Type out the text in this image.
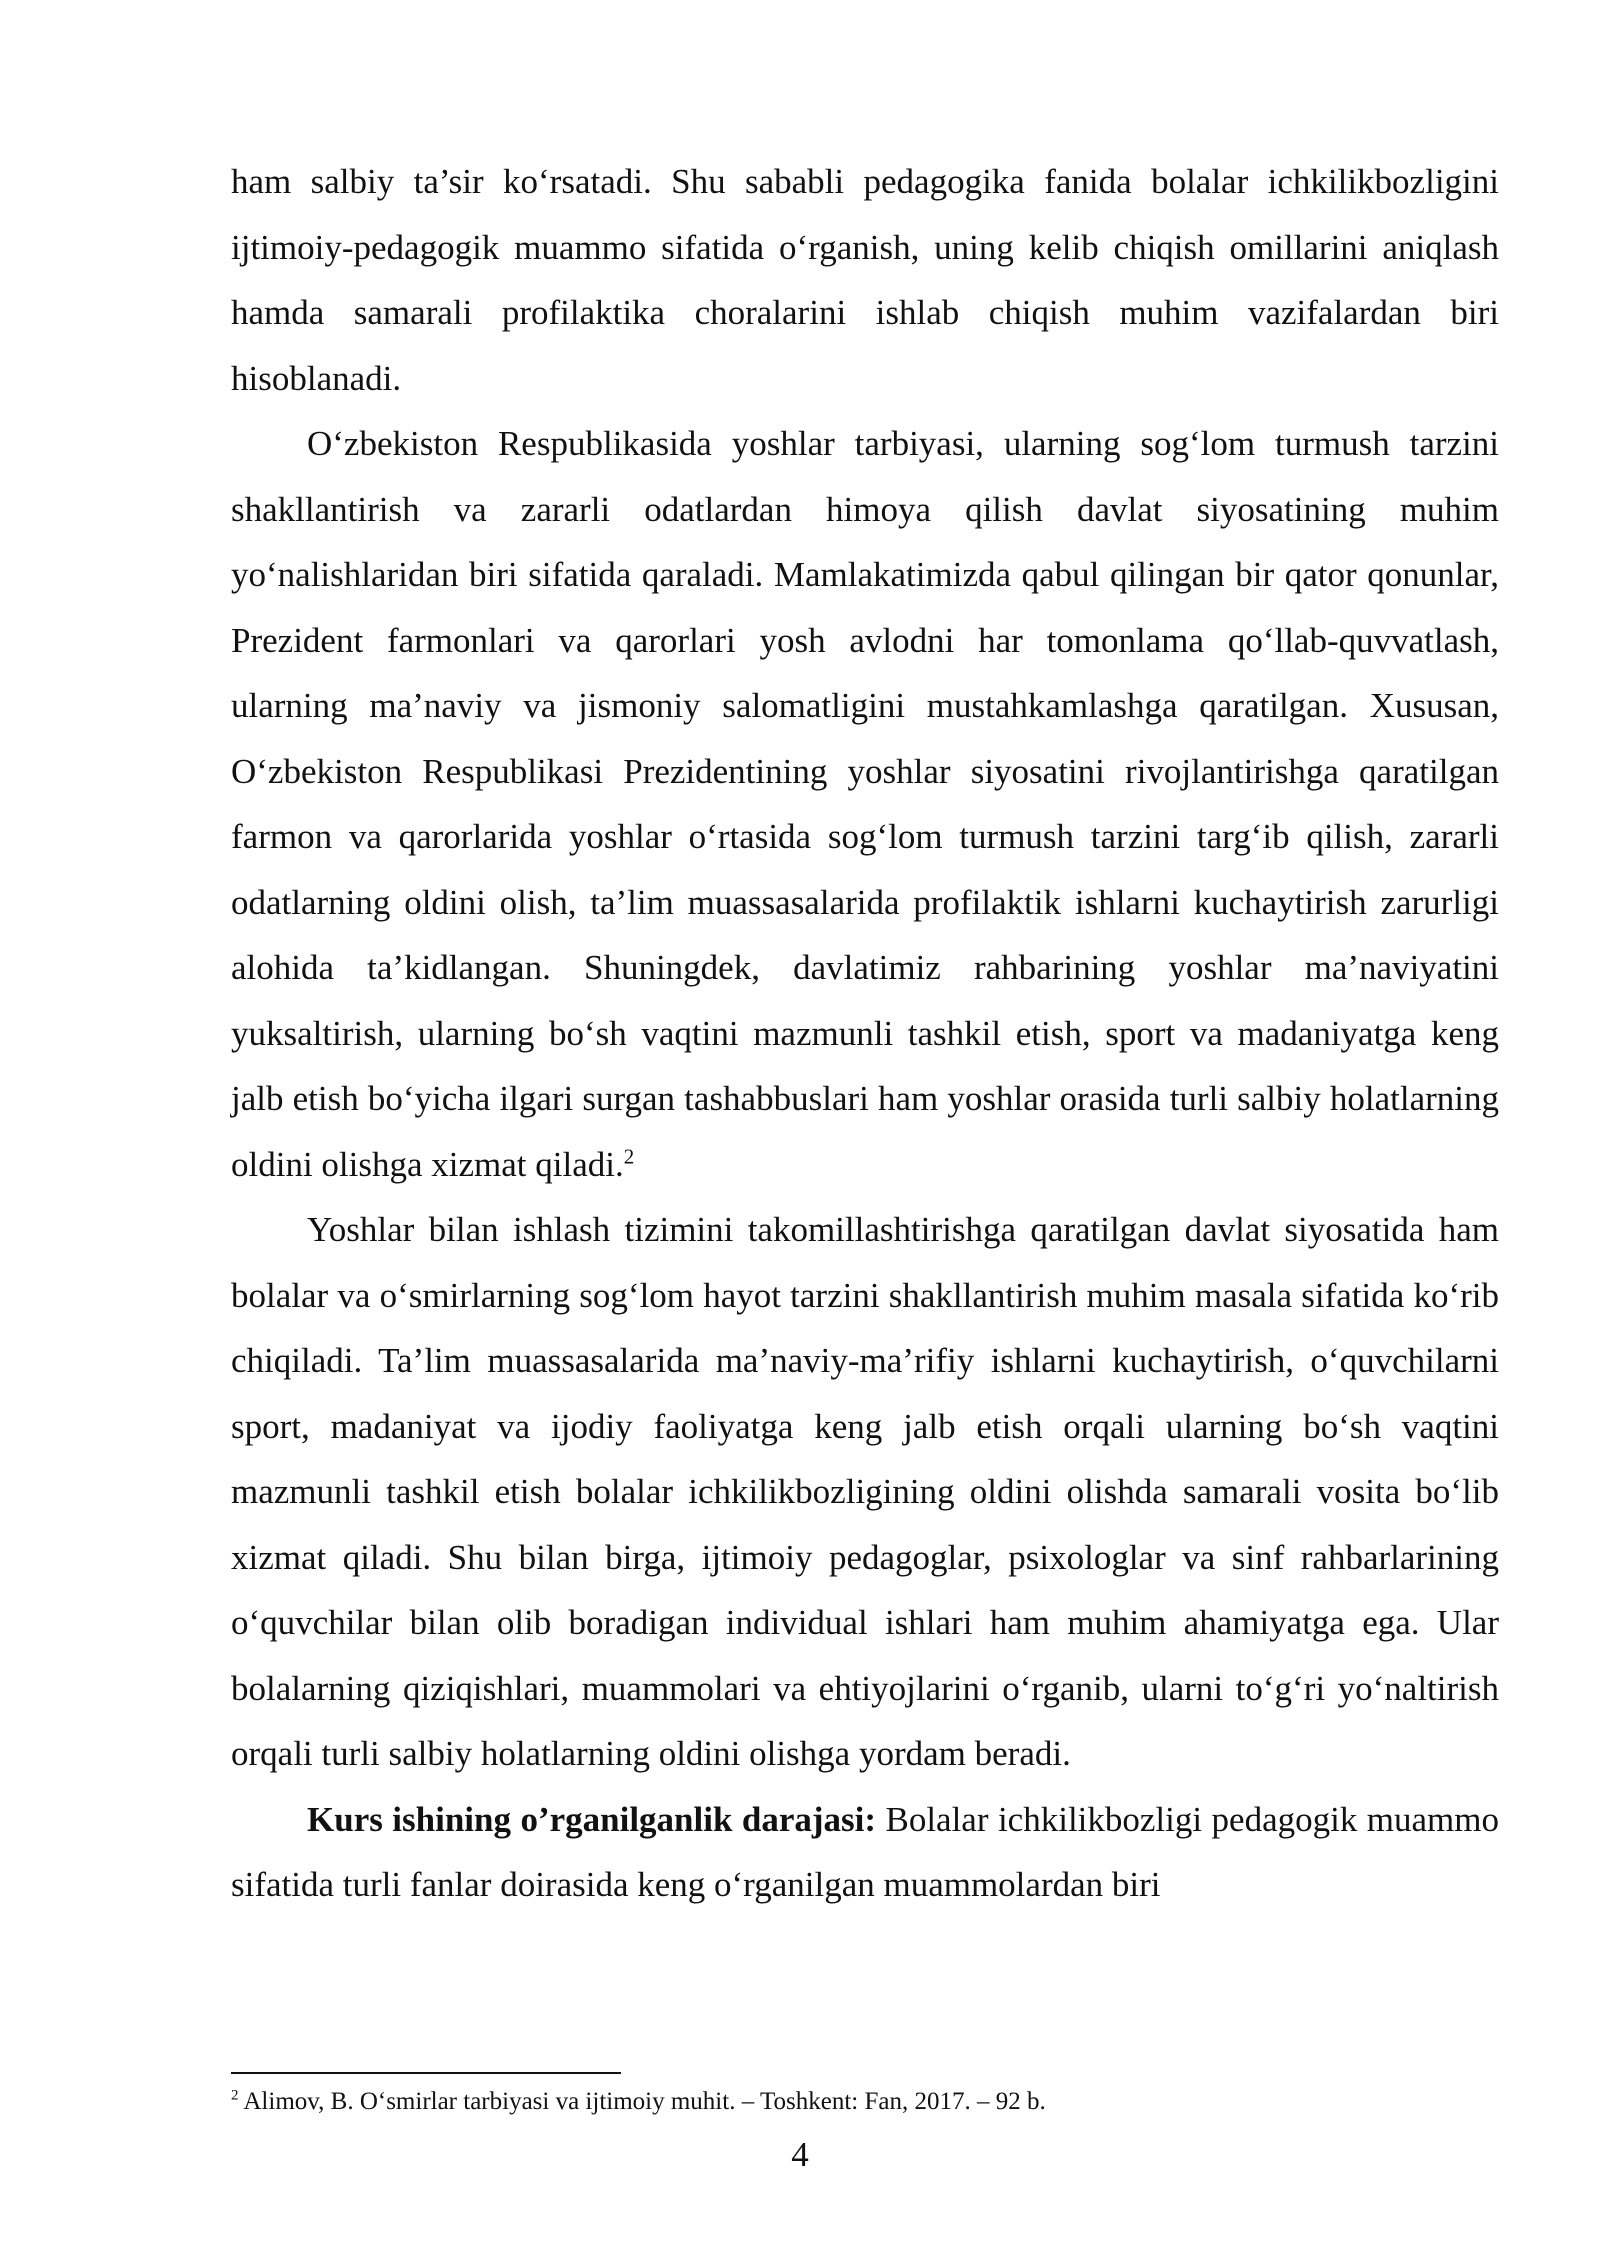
ham salbiy ta’sir ko‘rsatadi. Shu sababli pedagogika fanida bolalar ichkilikbozligini ijtimoiy-pedagogik muammo sifatida o‘rganish, uning kelib chiqish omillarini aniqlash hamda samarali profilaktika choralarini ishlab chiqish muhim vazifalardan biri hisoblanadi.

O‘zbekiston Respublikasida yoshlar tarbiyasi, ularning sog‘lom turmush tarzini shakllantirish va zararli odatlardan himoya qilish davlat siyosatining muhim yo‘nalishlaridan biri sifatida qaraladi. Mamlakatimizda qabul qilingan bir qator qonunlar, Prezident farmonlari va qarorlari yosh avlodni har tomonlama qo‘llab-quvvatlash, ularning ma’naviy va jismoniy salomatligini mustahkamlashga qaratilgan. Xususan, O‘zbekiston Respublikasi Prezidentining yoshlar siyosatini rivojlantirishga qaratilgan farmon va qarorlarida yoshlar o‘rtasida sog‘lom turmush tarzini targ‘ib qilish, zararli odatlarning oldini olish, ta’lim muassasalarida profilaktik ishlarni kuchaytirish zarurligi alohida ta’kidlangan. Shuningdek, davlatimiz rahbarining yoshlar ma’naviyatini yuksaltirish, ularning bo‘sh vaqtini mazmunli tashkil etish, sport va madaniyatga keng jalb etish bo‘yicha ilgari surgan tashabbuslari ham yoshlar orasida turli salbiy holatlarning oldini olishga xizmat qiladi.$^2$

Yoshlar bilan ishlash tizimini takomillashtirishga qaratilgan davlat siyosatida ham bolalar va o‘smirlarning sog‘lom hayot tarzini shakllantirish muhim masala sifatida ko‘rib chiqiladi. Ta’lim muassasalarida ma’naviy-ma’rifiy ishlarni kuchaytirish, o‘quvchilarni sport, madaniyat va ijodiy faoliyatga keng jalb etish orqali ularning bo‘sh vaqtini mazmunli tashkil etish bolalar ichkilikbozligining oldini olishda samarali vosita bo‘lib xizmat qiladi. Shu bilan birga, ijtimoiy pedagoglar, psixologlar va sinf rahbarlarining o‘quvchilar bilan olib boradigan individual ishlari ham muhim ahamiyatga ega. Ular bolalarning qiziqishlari, muammolari va ehtiyojlarini o‘rganib, ularni to‘g‘ri yo‘naltirish orqali turli salbiy holatlarning oldini olishga yordam beradi.

Kurs ishining o’rganilganlik darajasi: Bolalar ichkilikbozligi pedagogik muammo sifatida turli fanlar doirasida keng o‘rganilgan muammolardan biri

$^2$ Alimov, B. O‘smirlar tarbiyasi va ijtimoiy muhit. – Toshkent: Fan, 2017. – 92 b.

4
